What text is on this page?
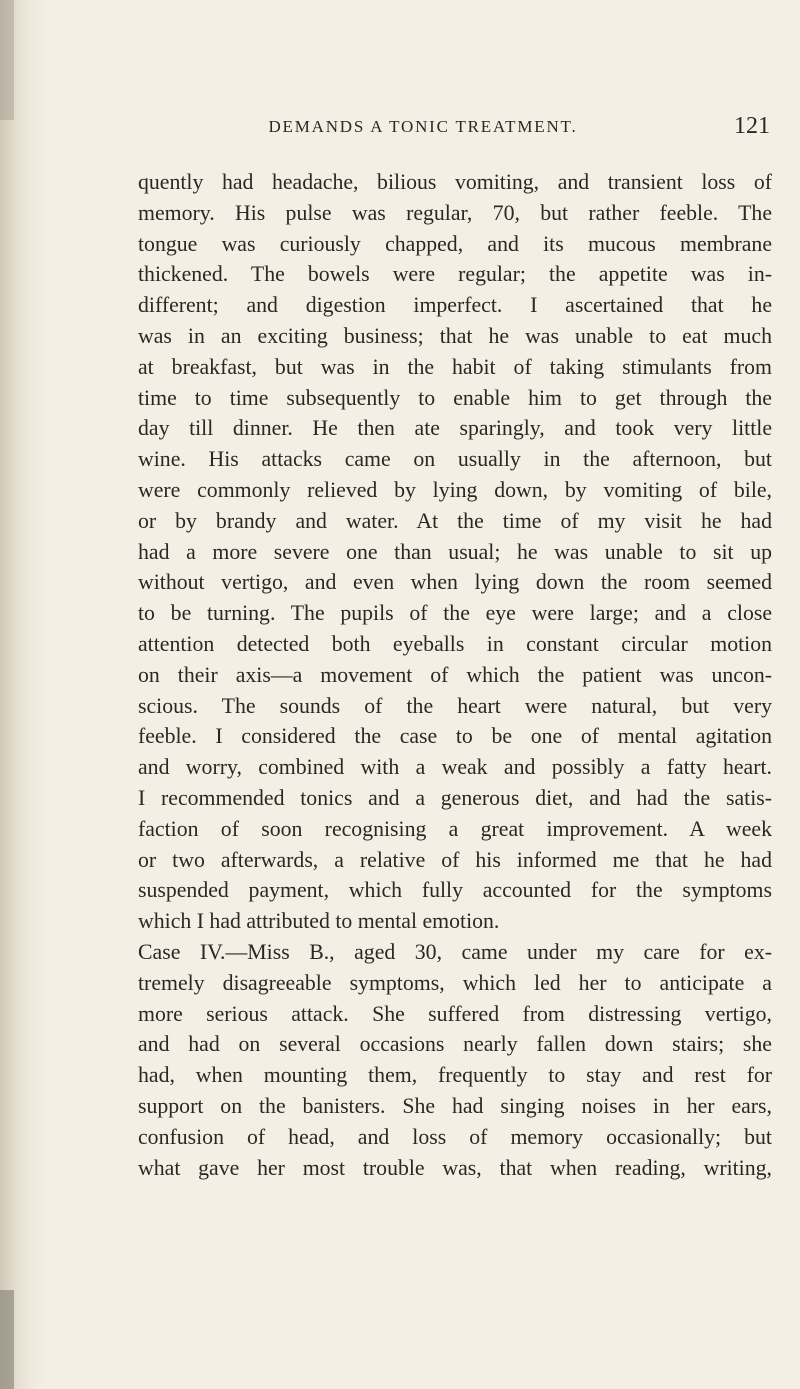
DEMANDS A TONIC TREATMENT.	121
quently had headache, bilious vomiting, and transient loss of
memory. His pulse was regular, 70, but rather feeble. The
tongue was curiously chapped, and its mucous membrane
thickened. The bowels were regular; the appetite was in-
different; and digestion imperfect. I ascertained that he
was in an exciting business; that he was unable to eat much
at breakfast, but was in the habit of taking stimulants from
time to time subsequently to enable him to get through the
day till dinner. He then ate sparingly, and took very little
wine. His attacks came on usually in the afternoon, but
were commonly relieved by lying down, by vomiting of bile,
or by brandy and water. At the time of my visit he had
had a more severe one than usual; he was unable to sit up
without vertigo, and even when lying down the room seemed
to be turning. The pupils of the eye were large; and a close
attention detected both eyeballs in constant circular motion
on their axis—a movement of which the patient was uncon-
scious. The sounds of the heart were natural, but very
feeble. I considered the case to be one of mental agitation
and worry, combined with a weak and possibly a fatty heart.
I recommended tonics and a generous diet, and had the satis-
faction of soon recognising a great improvement. A week
or two afterwards, a relative of his informed me that he had
suspended payment, which fully accounted for the symptoms
which I had attributed to mental emotion.
Case IV.—Miss B., aged 30, came under my care for ex-
tremely disagreeable symptoms, which led her to anticipate a
more serious attack. She suffered from distressing vertigo,
and had on several occasions nearly fallen down stairs; she
had, when mounting them, frequently to stay and rest for
support on the banisters. She had singing noises in her ears,
confusion of head, and loss of memory occasionally; but
what gave her most trouble was, that when reading, writing,
